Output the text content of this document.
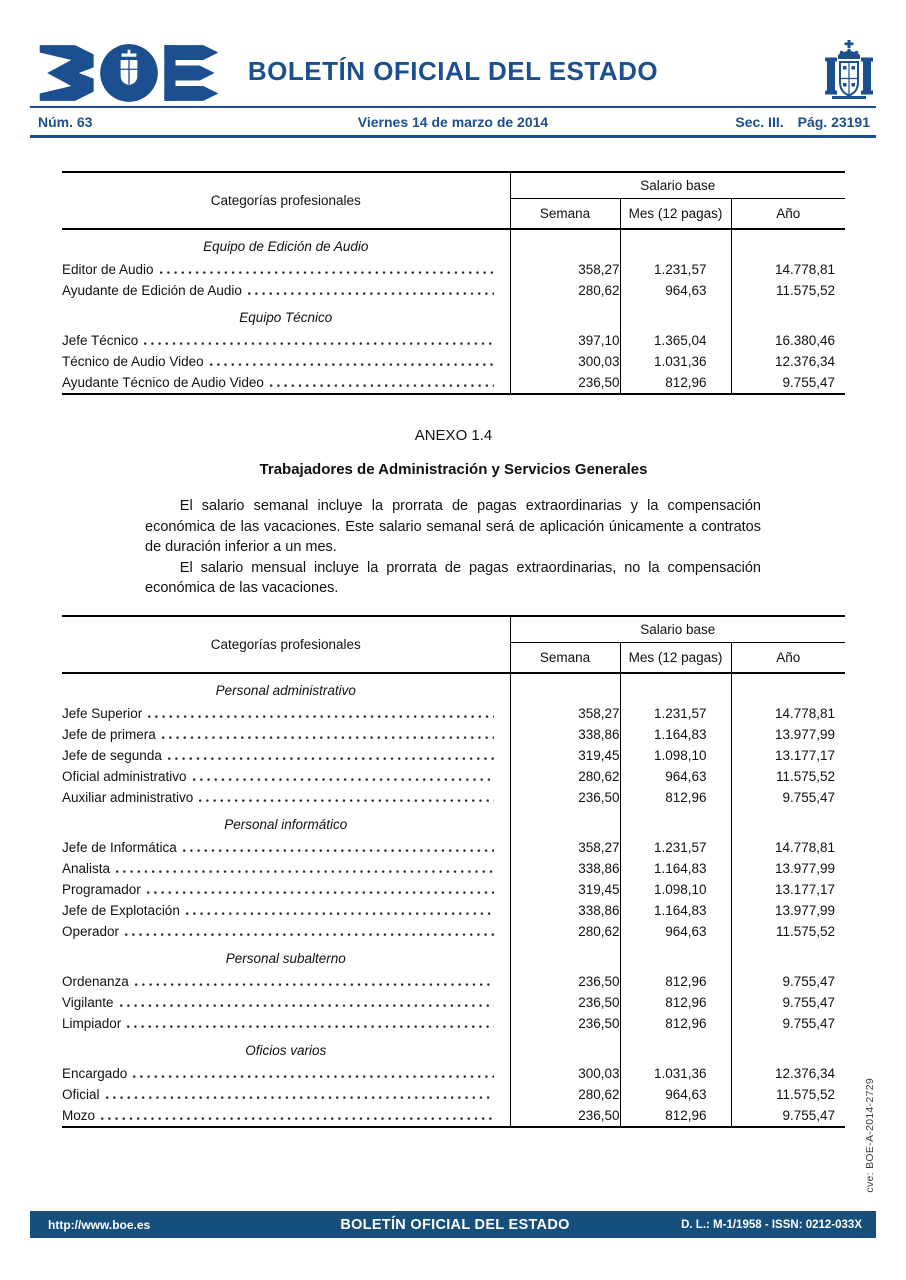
BOLETÍN OFICIAL DEL ESTADO
Núm. 63	Viernes 14 de marzo de 2014	Sec. III. Pág. 23191
Categorías profesionales	Salario base		
	Semana	Mes (12 pagas)	Año
Equipo de Edición de Audio			

Editor de Audio	358,27	1.231,57	14.778,81

Ayudante de Edición de Audio	280,62	964,63	11.575,52
Equipo Técnico			

Jefe Técnico	397,10	1.365,04	16.380,46

Técnico de Audio Video	300,03	1.031,36	12.376,34

Ayudante Técnico de Audio Video	236,50	812,96	9.755,47
ANEXO 1.4
Trabajadores de Administración y Servicios Generales

El salario semanal incluye la prorrata de pagas extraordinarias y la compensación económica de las vacaciones. Este salario semanal será de aplicación únicamente a contratos de duración inferior a un mes.

El salario mensual incluye la prorrata de pagas extraordinarias, no la compensación económica de las vacaciones.

Categorías profesionales	Salario base		
	Semana	Mes (12 pagas)	Año
Personal administrativo			

Jefe Superior	358,27	1.231,57	14.778,81

Jefe de primera	338,86	1.164,83	13.977,99

Jefe de segunda	319,45	1.098,10	13.177,17

Oficial administrativo	280,62	964,63	11.575,52

Auxiliar administrativo	236,50	812,96	9.755,47
Personal informático			

Jefe de Informática	358,27	1.231,57	14.778,81

Analista	338,86	1.164,83	13.977,99

Programador	319,45	1.098,10	13.177,17

Jefe de Explotación	338,86	1.164,83	13.977,99

Operador	280,62	964,63	11.575,52
Personal subalterno			

Ordenanza	236,50	812,96	9.755,47

Vigilante	236,50	812,96	9.755,47

Limpiador	236,50	812,96	9.755,47
Oficios varios			

Encargado	300,03	1.031,36	12.376,34

Oficial	280,62	964,63	11.575,52

Mozo	236,50	812,96	9.755,47	cve: BOE-A-2014-2729
http://www.boe.es	BOLETÍN OFICIAL DEL ESTADO	D. L.: M-1/1958 - ISSN: 0212-033X
